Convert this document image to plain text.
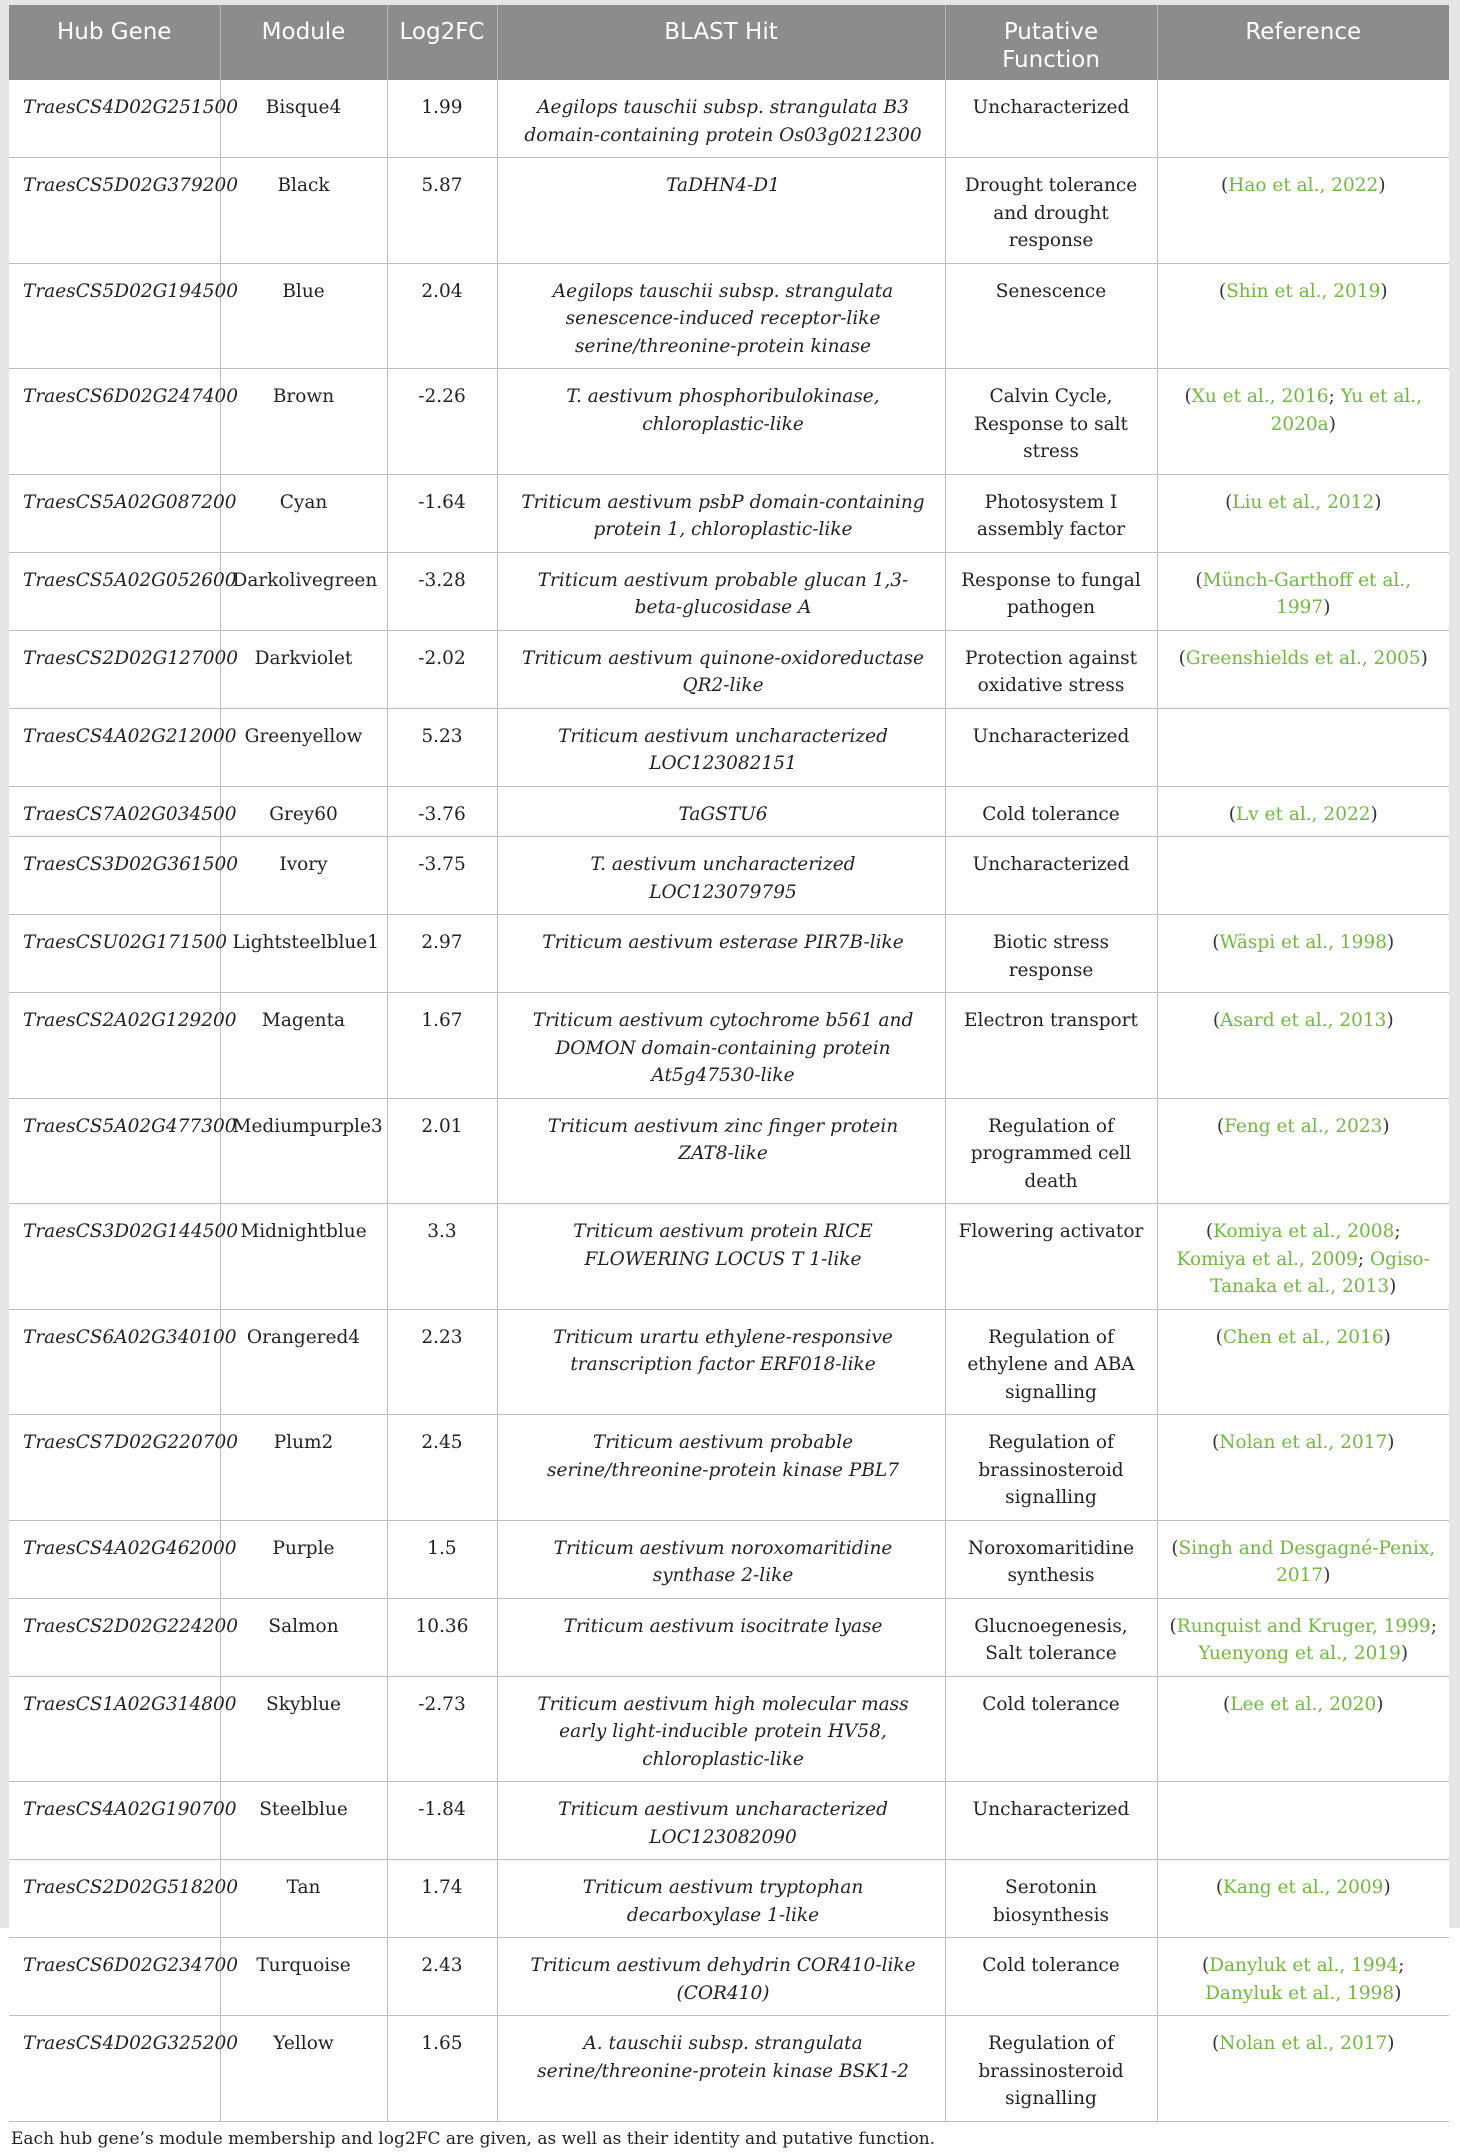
Hub Gene	Module	Log2FC	BLAST Hit	Putative Function	Reference
TraesCS4D02G251500	Bisque4	1.99	Aegilops tauschii subsp. strangulata B3 domain-containing protein Os03g0212300	Uncharacterized	
TraesCS5D02G379200	Black	5.87	TaDHN4-D1	Drought tolerance and drought response	(Hao et al., 2022)
TraesCS5D02G194500	Blue	2.04	Aegilops tauschii subsp. strangulata senescence-induced receptor-like serine/threonine-protein kinase	Senescence	(Shin et al., 2019)
TraesCS6D02G247400	Brown	-2.26	T. aestivum phosphoribulokinase, chloroplastic-like	Calvin Cycle, Response to salt stress	(Xu et al., 2016; Yu et al., 2020a)
TraesCS5A02G087200	Cyan	-1.64	Triticum aestivum psbP domain-containing protein 1, chloroplastic-like	Photosystem I assembly factor	(Liu et al., 2012)
TraesCS5A02G052600	Darkolivegreen	-3.28	Triticum aestivum probable glucan 1,3-beta-glucosidase A	Response to fungal pathogen	(Münch-Garthoff et al., 1997)
TraesCS2D02G127000	Darkviolet	-2.02	Triticum aestivum quinone-oxidoreductase QR2-like	Protection against oxidative stress	(Greenshields et al., 2005)
TraesCS4A02G212000	Greenyellow	5.23	Triticum aestivum uncharacterized LOC123082151	Uncharacterized	
TraesCS7A02G034500	Grey60	-3.76	TaGSTU6	Cold tolerance	(Lv et al., 2022)
TraesCS3D02G361500	Ivory	-3.75	T. aestivum uncharacterized LOC123079795	Uncharacterized	
TraesCSU02G171500	Lightsteelblue1	2.97	Triticum aestivum esterase PIR7B-like	Biotic stress response	(Wäspi et al., 1998)
TraesCS2A02G129200	Magenta	1.67	Triticum aestivum cytochrome b561 and DOMON domain-containing protein At5g47530-like	Electron transport	(Asard et al., 2013)
TraesCS5A02G477300	Mediumpurple3	2.01	Triticum aestivum zinc finger protein ZAT8-like	Regulation of programmed cell death	(Feng et al., 2023)
TraesCS3D02G144500	Midnightblue	3.3	Triticum aestivum protein RICE FLOWERING LOCUS T 1-like	Flowering activator	(Komiya et al., 2008; Komiya et al., 2009; Ogiso-Tanaka et al., 2013)
TraesCS6A02G340100	Orangered4	2.23	Triticum urartu ethylene-responsive transcription factor ERF018-like	Regulation of ethylene and ABA signalling	(Chen et al., 2016)
TraesCS7D02G220700	Plum2	2.45	Triticum aestivum probable serine/threonine-protein kinase PBL7	Regulation of brassinosteroid signalling	(Nolan et al., 2017)
TraesCS4A02G462000	Purple	1.5	Triticum aestivum noroxomaritidine synthase 2-like	Noroxomaritidine synthesis	(Singh and Desgagné-Penix, 2017)
TraesCS2D02G224200	Salmon	10.36	Triticum aestivum isocitrate lyase	Glucnoegenesis, Salt tolerance	(Runquist and Kruger, 1999; Yuenyong et al., 2019)
TraesCS1A02G314800	Skyblue	-2.73	Triticum aestivum high molecular mass early light-inducible protein HV58, chloroplastic-like	Cold tolerance	(Lee et al., 2020)
TraesCS4A02G190700	Steelblue	-1.84	Triticum aestivum uncharacterized LOC123082090	Uncharacterized	
TraesCS2D02G518200	Tan	1.74	Triticum aestivum tryptophan decarboxylase 1-like	Serotonin biosynthesis	(Kang et al., 2009)
TraesCS6D02G234700	Turquoise	2.43	Triticum aestivum dehydrin COR410-like (COR410)	Cold tolerance	(Danyluk et al., 1994; Danyluk et al., 1998)
TraesCS4D02G325200	Yellow	1.65	A. tauschii subsp. strangulata serine/threonine-protein kinase BSK1-2	Regulation of brassinosteroid signalling	(Nolan et al., 2017)
Each hub gene’s module membership and log2FC are given, as well as their identity and putative function.					
